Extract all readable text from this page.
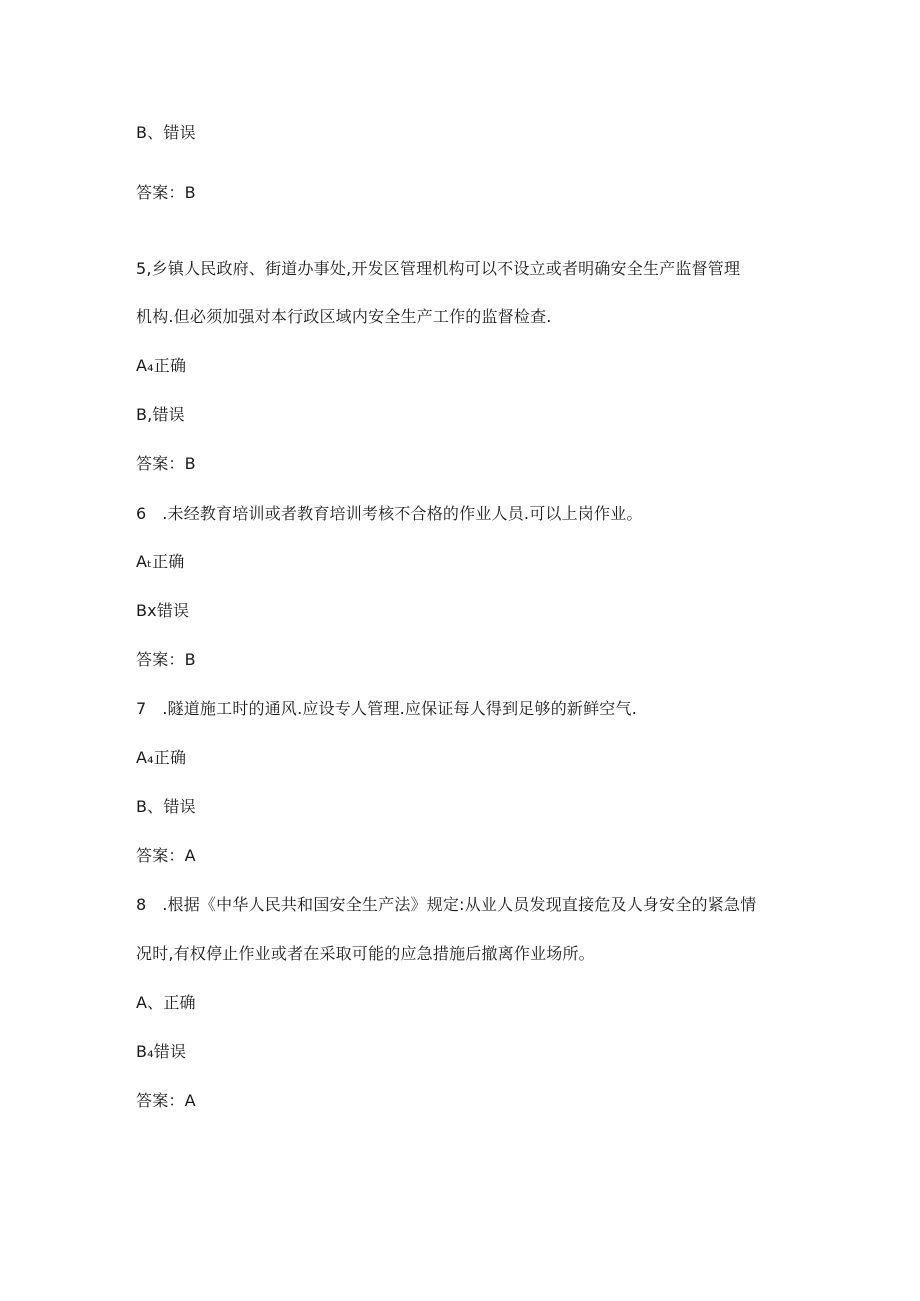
B、错误
答案：B
5,乡镇人民政府、街道办事处,开发区管理机构可以不设立或者明确安全生产监督管理
机构.但必须加强对本行政区域内安全生产工作的监督检查.
A₄正确
B,错误
答案：B
6   .未经教育培训或者教育培训考核不合格的作业人员.可以上岗作业。
Aₜ正确
Bx错误
答案：B
7   .隧道施工时的通风.应设专人管理.应保证每人得到足够的新鲜空气.
A₄正确
B、错误
答案：A
8   .根据《中华人民共和国安全生产法》规定:从业人员发现直接危及人身安全的紧急情
况时,有权停止作业或者在采取可能的应急措施后撤离作业场所。
A、正确
B₄错误
答案：A
